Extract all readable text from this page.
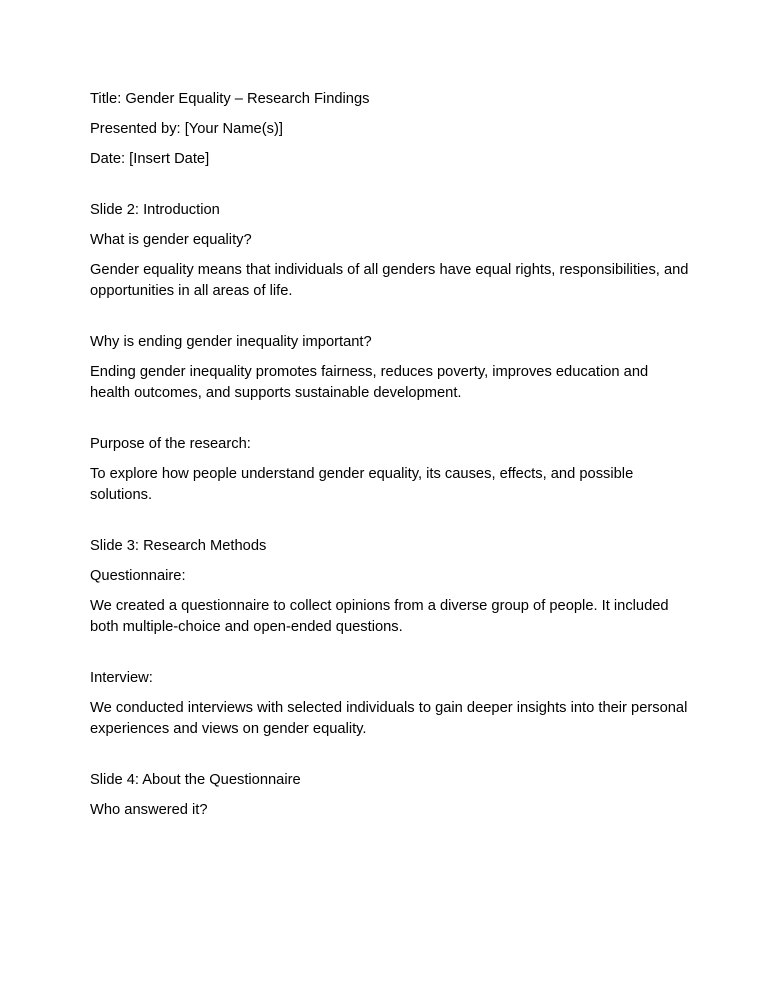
Title: Gender Equality – Research Findings

Presented by: [Your Name(s)]

Date: [Insert Date]

Slide 2: Introduction

What is gender equality?

Gender equality means that individuals of all genders have equal rights, responsibilities, and opportunities in all areas of life.

Why is ending gender inequality important?

Ending gender inequality promotes fairness, reduces poverty, improves education and health outcomes, and supports sustainable development.

Purpose of the research:

To explore how people understand gender equality, its causes, effects, and possible solutions.

Slide 3: Research Methods

Questionnaire:

We created a questionnaire to collect opinions from a diverse group of people. It included both multiple-choice and open-ended questions.

Interview:

We conducted interviews with selected individuals to gain deeper insights into their personal experiences and views on gender equality.

Slide 4: About the Questionnaire

Who answered it?
